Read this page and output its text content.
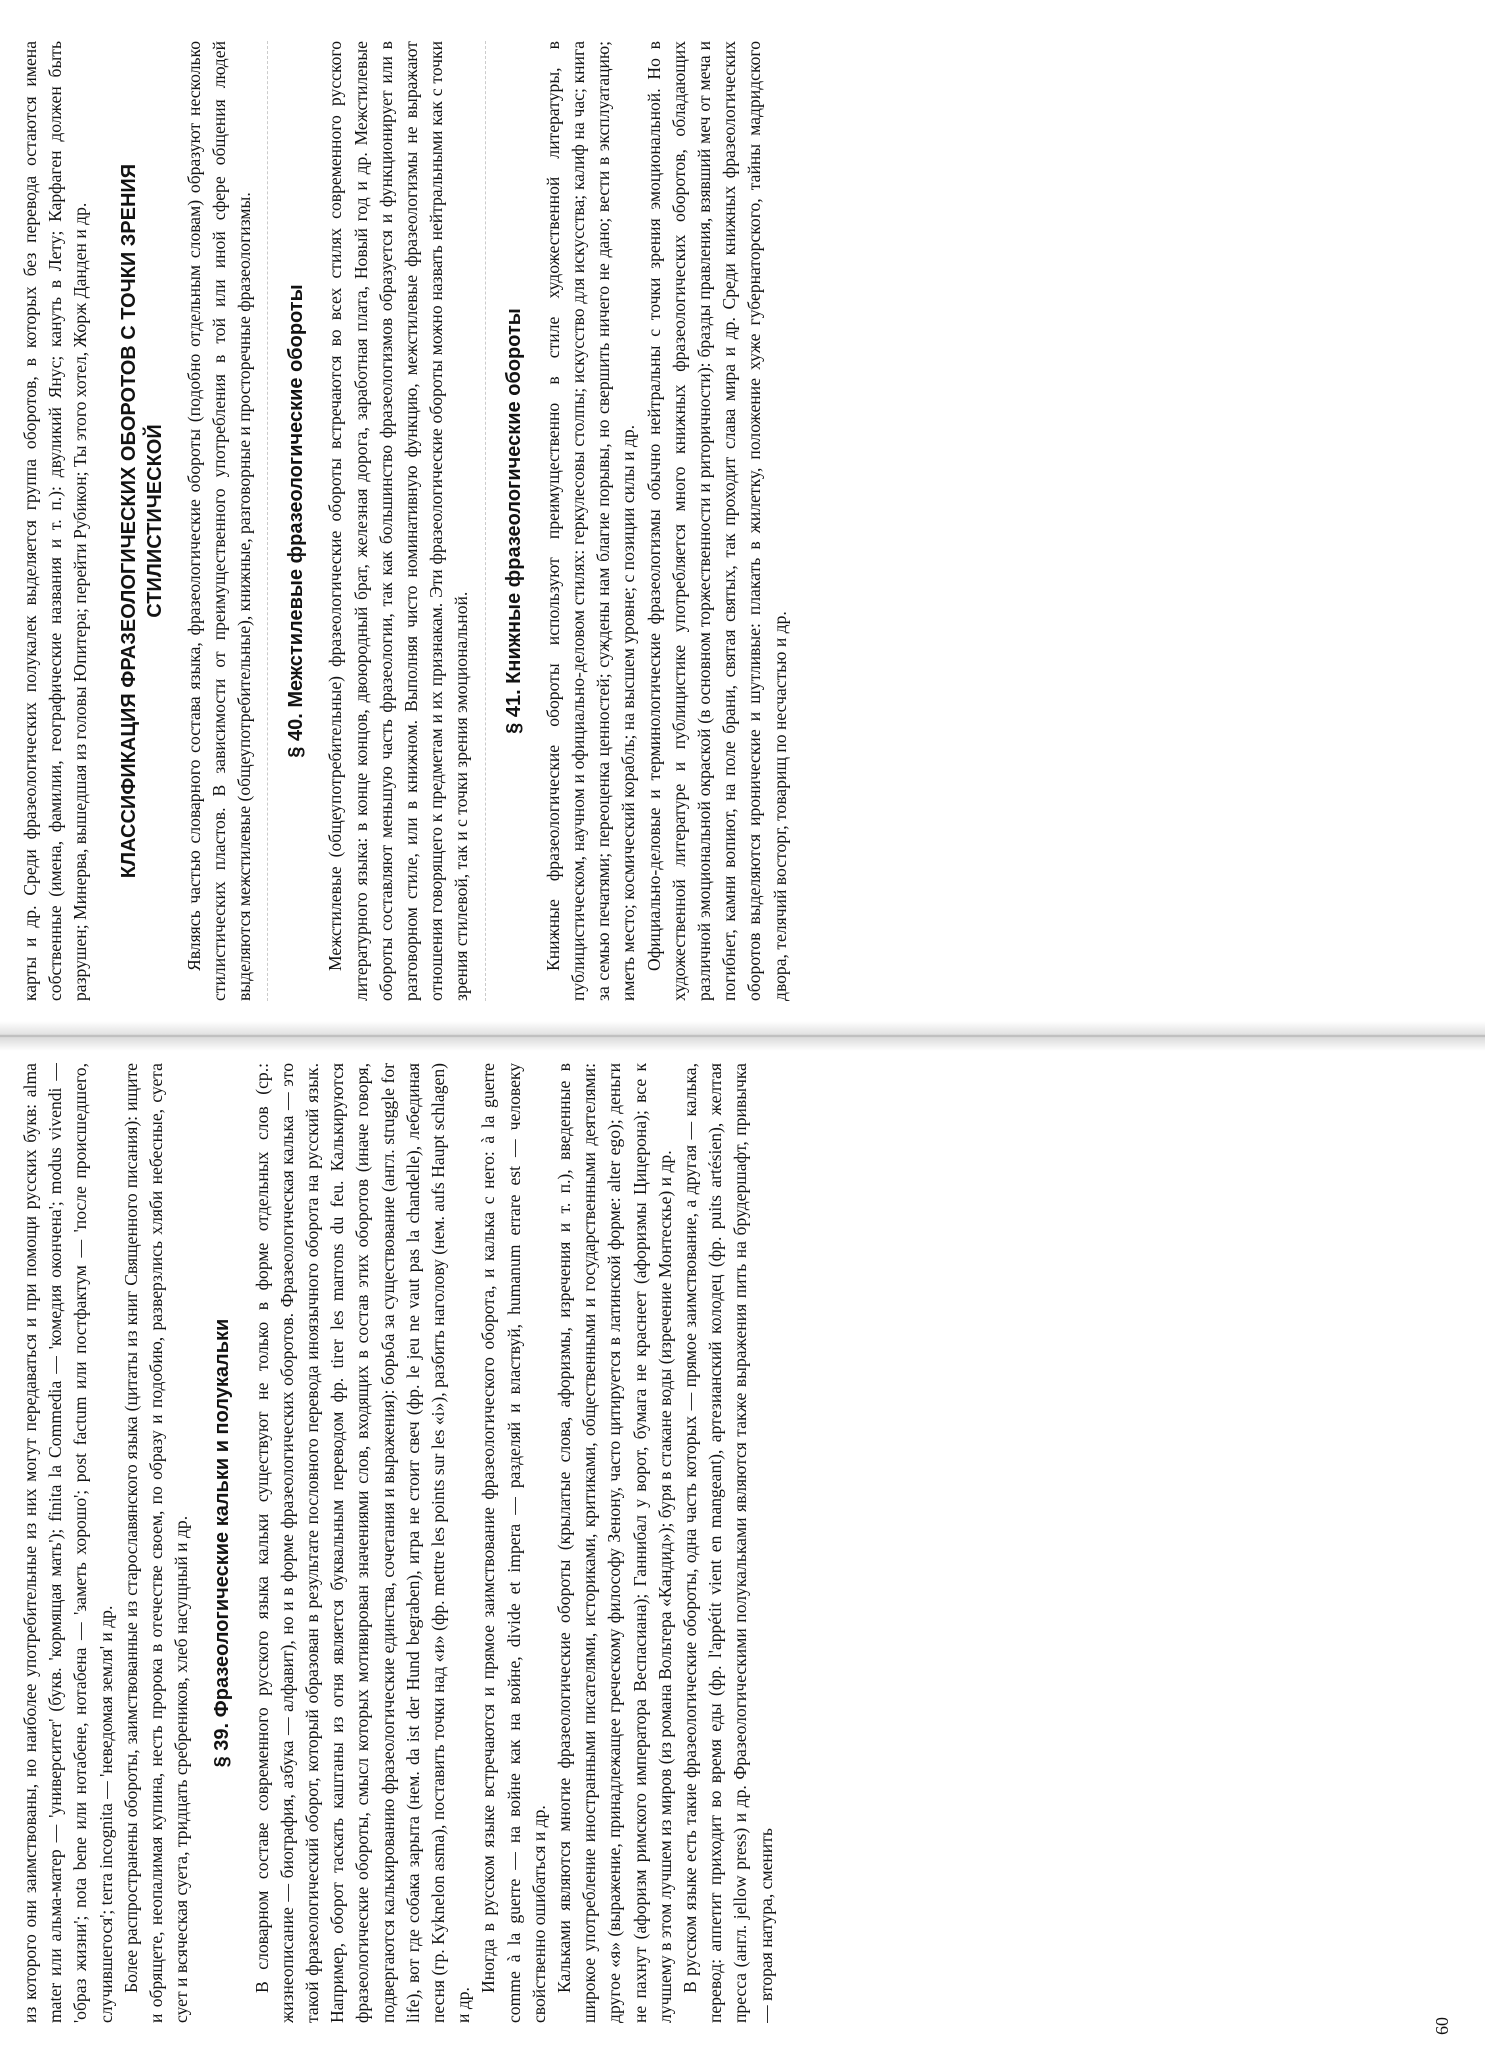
из которого они заимствованы, но наиболее употребительные из них могут передаваться и при помощи русских букв: alma mater или альма-матер — 'университет' (букв. 'кормящая мать'); finita la Commedia — 'комедия окончена'; modus vivendi — 'образ жизни'; nota bene или нотабене, нотабена — 'заметь хорошо'; post factum или постфактум — 'после происшедшего, случившегося'; terra incognita — 'неведомая земля' и др. Более распространены обороты, заимствованные из старославянского языка (цитаты из книг Священного писания): ищите и обрящете, неопалимая купина, несть пророка в отечестве своем, по образу и подобию, разверзлись хляби небесные, суета сует и всяческая суета, тридцать сребреников, хлеб насущный и др. § 39. Фразеологические кальки и полукальки В словарном составе современного русского языка кальки существуют не только в форме отдельных слов (ср.: жизнеописание — биография, азбука — алфавит), но и в форме фразеологических оборотов. Фразеологическая калька — это такой фразеологический оборот, который образован в результате пословного перевода иноязычного оборота на русский язык. Например, оборот таскать каштаны из огня является буквальным переводом фр. tirer les marrons du feu. Калькируются фразеологические обороты, смысл которых мотивирован значениями слов, входящих в состав этих оборотов (иначе говоря, подвергаются калькированию фразеологические единства, сочетания и выражения): борьба за существование (англ. struggle for life), вот где собака зарыта (нем. da ist der Hund begraben), игра не стоит свеч (фр. le jeu ne vaut pas la chandelle), лебединая песня (гр. Kyknelon asma), поставить точки над «и» (фр. mettre les points sur les «i»), разбить наголову (нем. aufs Haupt schlagen) и др.

Иногда в русском языке встречаются и прямое заимствование фразеологического оборота, и калька с него: à la guerre comme à la guerre — на войне как на войне, divide et impera — разделяй и властвуй, humanum errare est — человеку свойственно ошибаться и др. Кальками являются многие фразеологические обороты (крылатые слова, афоризмы, изречения и т. п.), введенные в широкое употребление иностранными писателями, историками, критиками, общественными и государственными деятелями: другое «я» (выражение, принадлежащее греческому философу Зенону, часто цитируется в латинской форме: alter ego); деньги не пахнут (афоризм римского императора Веспасиана); Ганнибал у ворот, бумага не краснеет (афоризмы Цицерона); все к лучшему в этом лучшем из миров (из романа Вольтера «Кандид»); буря в стакане воды (изречение Монтескье) и др. В русском языке есть такие фразеологические обороты, одна часть которых — прямое заимствование, а другая — калька, перевод: аппетит приходит во время еды (фр. l'appétit vient en mangeant), артезианский колодец (фр. puits artésien), желтая пресса (англ. jellow press) и др. Фразеологическими полукальками являются также выражения пить на брудершафт, привычка — вторая натура, сменить

карты и др. Среди фразеологических полукалек выделяется группа оборотов, в которых без перевода остаются имена собственные (имена, фамилии, географические названия и т. п.): двуликий Янус; кануть в Лету; Карфаген должен быть разрушен; Минерва, вышедшая из головы Юпитера; перейти Рубикон; Ты этого хотел, Жорж Данден и др. КЛАССИФИКАЦИЯ ФРАЗЕОЛОГИЧЕСКИХ ОБОРОТОВ С ТОЧКИ ЗРЕНИЯ СТИЛИСТИЧЕСКОЙ Являясь частью словарного состава языка, фразеологические обороты (подобно отдельным словам) образуют несколько стилистических пластов. В зависимости от преимущественного употребления в той или иной сфере общения людей выделяются межстилевые (общеупотребительные), книжные, разговорные и просторечные фразеологизмы. § 40. Межстилевые фразеологические обороты Межстилевые (общеупотребительные) фразеологические обороты встречаются во всех стилях современного русского литературного языка: в конце концов, двоюродный брат, железная дорога, заработная плата, Новый год и др. Межстилевые обороты составляют меньшую часть фразеологии, так как большинство фразеологизмов образуется и функционирует или в разговорном стиле, или в книжном. Выполняя чисто номинативную функцию, межстилевые фразеологизмы не выражают отношения говорящего к предметам и их признакам. Эти фразеологические обороты можно назвать нейтральными как с точки зрения стилевой, так и с точки зрения эмоциональной.

§ 41. Книжные фразеологические обороты Книжные фразеологические обороты используют преимущественно в стиле художественной литературы, в публицистическом, научном и официально-деловом стилях: геркулесовы столпы; искусство для искусства; калиф на час; книга за семью печатями; переоценка ценностей; суждены нам благие порывы, но свершить ничего не дано; вести в эксплуатацию; иметь место; космический корабль; на высшем уровне; с позиции силы и др. Официально-деловые и терминологические фразеологизмы обычно нейтральны с точки зрения эмоциональной. Но в художественной литературе и публицистике употребляется много книжных фразеологических оборотов, обладающих различной эмоциональной окраской (в основном торжественности и риторичности): бразды правления, взявший меч от меча и погибнет, камни вопиют, на поле брани, святая святых, так проходит слава мира и др. Среди книжных фразеологических оборотов выделяются иронические и шутливые: плакать в жилетку, положение хуже губернаторского, тайны мадридского двора, телячий восторг, товарищ по несчастью и др.

60
